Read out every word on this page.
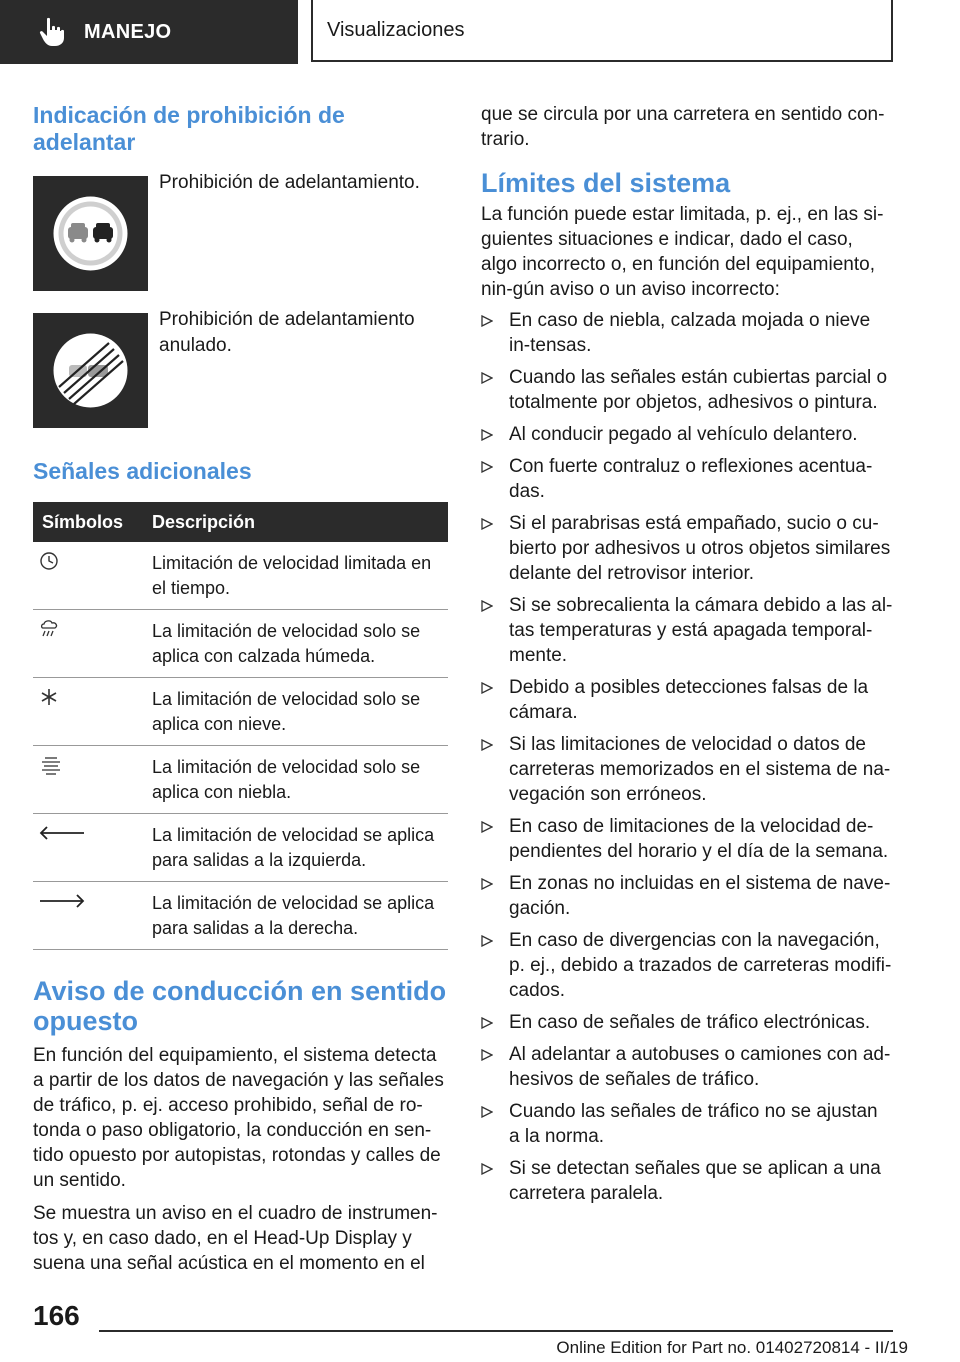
MANEJO	Visualizaciones
Indicación de prohibición de adelantar
Prohibición de adelantamiento.
Prohibición de adelantamiento anulado.
Señales adicionales
Símbolos	Descripción
	Limitación de velocidad limitada en el tiempo.
	La limitación de velocidad solo se aplica con calzada húmeda.
	La limitación de velocidad solo se aplica con nieve.
	La limitación de velocidad solo se aplica con niebla.
	La limitación de velocidad se aplica para salidas a la izquierda.
	La limitación de velocidad se aplica para salidas a la derecha.
Aviso de conducción en sentido opuesto

En función del equipamiento, el sistema detecta a partir de los datos de navegación y las señales de tráfico, p. ej. acceso prohibido, señal de ro-tonda o paso obligatorio, la conducción en sen-tido opuesto por autopistas, rotondas y calles de un sentido.

Se muestra un aviso en el cuadro de instrumen-tos y, en caso dado, en el Head-Up Display y suena una señal acústica en el momento en el

que se circula por una carretera en sentido con-trario.

Límites del sistema

La función puede estar limitada, p. ej., en las si-guientes situaciones e indicar, dado el caso, algo incorrecto o, en función del equipamiento, nin-gún aviso o un aviso incorrecto:

En caso de niebla, calzada mojada o nieve in-tensas.
Cuando las señales están cubiertas parcial o totalmente por objetos, adhesivos o pintura.
Al conducir pegado al vehículo delantero.
Con fuerte contraluz o reflexiones acentua-das.
Si el parabrisas está empañado, sucio o cu-bierto por adhesivos u otros objetos similares delante del retrovisor interior.
Si se sobrecalienta la cámara debido a las al-tas temperaturas y está apagada temporal-mente.
Debido a posibles detecciones falsas de la cámara.
Si las limitaciones de velocidad o datos de carreteras memorizados en el sistema de na-vegación son erróneos.
En caso de limitaciones de la velocidad de-pendientes del horario y el día de la semana.
En zonas no incluidas en el sistema de nave-gación.
En caso de divergencias con la navegación, p. ej., debido a trazados de carreteras modifi-cados.
En caso de señales de tráfico electrónicas.
Al adelantar a autobuses o camiones con ad-hesivos de señales de tráfico.
Cuando las señales de tráfico no se ajustan a la norma.
Si se detectan señales que se aplican a una carretera paralela.
166
Online Edition for Part no. 01402720814 - II/19
